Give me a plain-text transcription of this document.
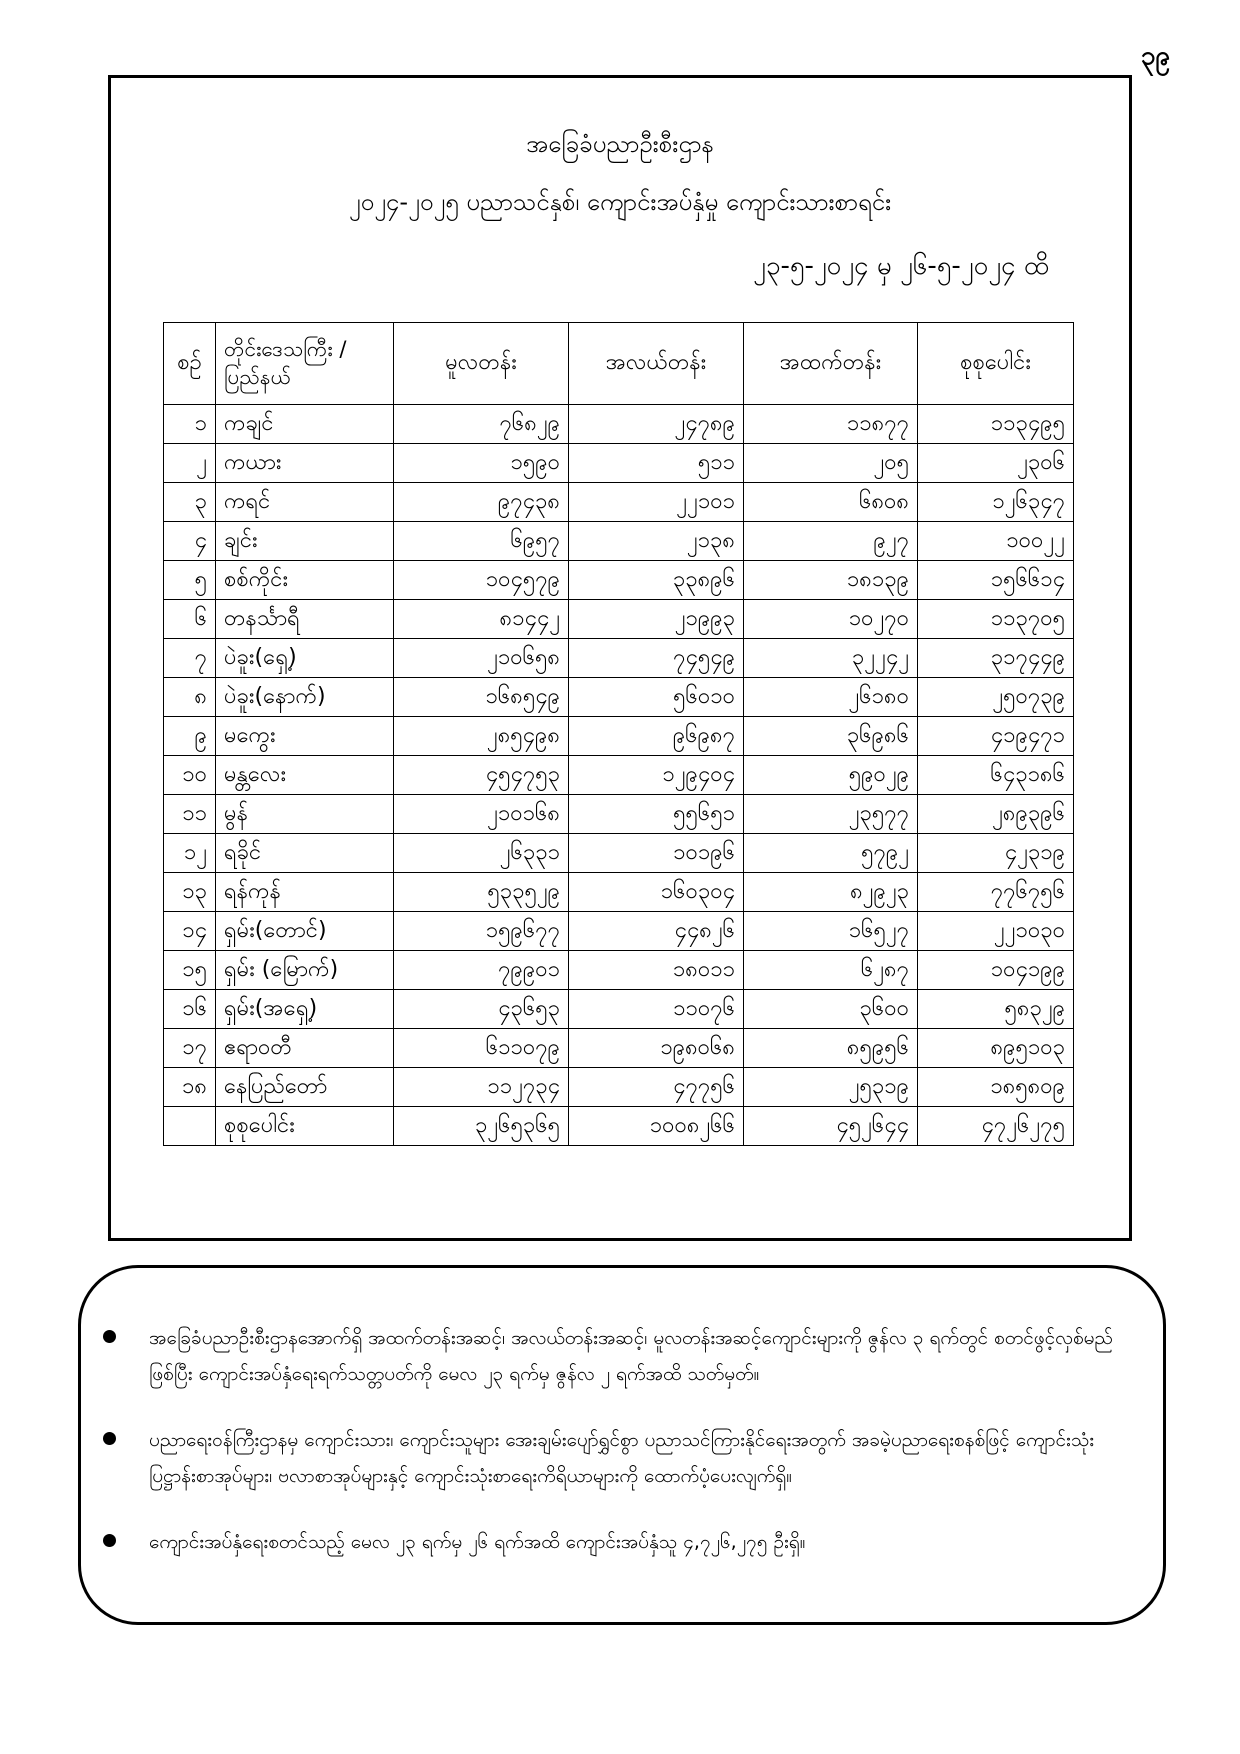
၃၉
အခြေခံပညာဦးစီးဌာန
၂၀၂၄-၂၀၂၅ ပညာသင်နှစ်၊ ကျောင်းအပ်နှံမှု ကျောင်းသားစာရင်း
၂၃-၅-၂၀၂၄ မှ ၂၆-၅-၂၀၂၄ ထိ
စဉ်	တိုင်းဒေသကြီး /ပြည်နယ်	မူလတန်း	အလယ်တန်း	အထက်တန်း	စုစုပေါင်း
၁	ကချင်	၇၆၈၂၉	၂၄၇၈၉	၁၁၈၇၇	၁၁၃၄၉၅
၂	ကယား	၁၅၉၀	၅၁၁	၂၀၅	၂၃၀၆
၃	ကရင်	၉၇၄၃၈	၂၂၁၀၁	၆၈၀၈	၁၂၆၃၄၇
၄	ချင်း	၆၉၅၇	၂၁၃၈	၉၂၇	၁၀၀၂၂
၅	စစ်ကိုင်း	၁၀၄၅၇၉	၃၃၈၉၆	၁၈၁၃၉	၁၅၆၆၁၄
၆	တနင်္သာရီ	၈၁၄၄၂	၂၁၉၉၃	၁၀၂၇၀	၁၁၃၇၀၅
၇	ပဲခူး(ရှေ့)	၂၁၀၆၅၈	၇၄၅၄၉	၃၂၂၄၂	၃၁၇၄၄၉
၈	ပဲခူး(နောက်)	၁၆၈၅၄၉	၅၆၀၁၀	၂၆၁၈၀	၂၅၀၇၃၉
၉	မကွေး	၂၈၅၄၉၈	၉၆၉၈၇	၃၆၉၈၆	၄၁၉၄၇၁
၁၀	မန္တလေး	၄၅၄၇၅၃	၁၂၉၄၀၄	၅၉၀၂၉	၆၄၃၁၈၆
၁၁	မွန်	၂၁၀၁၆၈	၅၅၆၅၁	၂၃၅၇၇	၂၈၉၃၉၆
၁၂	ရခိုင်	၂၆၃၃၁	၁၀၁၉၆	၅၇၉၂	၄၂၃၁၉
၁၃	ရန်ကုန်	၅၃၃၅၂၉	၁၆၀၃၀၄	၈၂၉၂၃	၇၇၆၇၅၆
၁၄	ရှမ်း(တောင်)	၁၅၉၆၇၇	၄၄၈၂၆	၁၆၅၂၇	၂၂၁၀၃၀
၁၅	ရှမ်း (မြောက်)	၇၉၉၀၁	၁၈၀၁၁	၆၂၈၇	၁၀၄၁၉၉
၁၆	ရှမ်း(အရှေ့)	၄၃၆၅၃	၁၁၀၇၆	၃၆၀၀	၅၈၃၂၉
၁၇	ဧရာဝတီ	၆၁၁၀၇၉	၁၉၈၀၆၈	၈၅၉၅၆	၈၉၅၁၀၃
၁၈	နေပြည်တော်	၁၁၂၇၃၄	၄၇၇၅၆	၂၅၃၁၉	၁၈၅၈၀၉
	စုစုပေါင်း	၃၂၆၅၃၆၅	၁၀၀၈၂၆၆	၄၅၂၆၄၄	၄၇၂၆၂၇၅
အခြေခံပညာဦးစီးဌာနအောက်ရှိ အထက်တန်းအဆင့်၊ အလယ်တန်းအဆင့်၊ မူလတန်းအဆင့်ကျောင်းများကို ဇွန်လ ၃ ရက်တွင် စတင်ဖွင့်လှစ်မည်ဖြစ်ပြီး ကျောင်းအပ်နှံရေးရက်သတ္တပတ်ကို မေလ ၂၃ ရက်မှ ဇွန်လ ၂ ရက်အထိ သတ်မှတ်။
ပညာရေးဝန်ကြီးဌာနမှ ကျောင်းသား၊ ကျောင်းသူများ အေးချမ်းပျော်ရွှင်စွာ ပညာသင်ကြားနိုင်ရေးအတွက် အခမဲ့ပညာရေးစနစ်ဖြင့် ကျောင်းသုံးပြဋ္ဌာန်းစာအုပ်များ၊ ဗလာစာအုပ်များနှင့် ကျောင်းသုံးစာရေးကိရိယာများကို ထောက်ပံ့ပေးလျက်ရှိ။
ကျောင်းအပ်နှံရေးစတင်သည့် မေလ ၂၃ ရက်မှ ၂၆ ရက်အထိ ကျောင်းအပ်နှံသူ ၄,၇၂၆,၂၇၅ ဦးရှိ။
